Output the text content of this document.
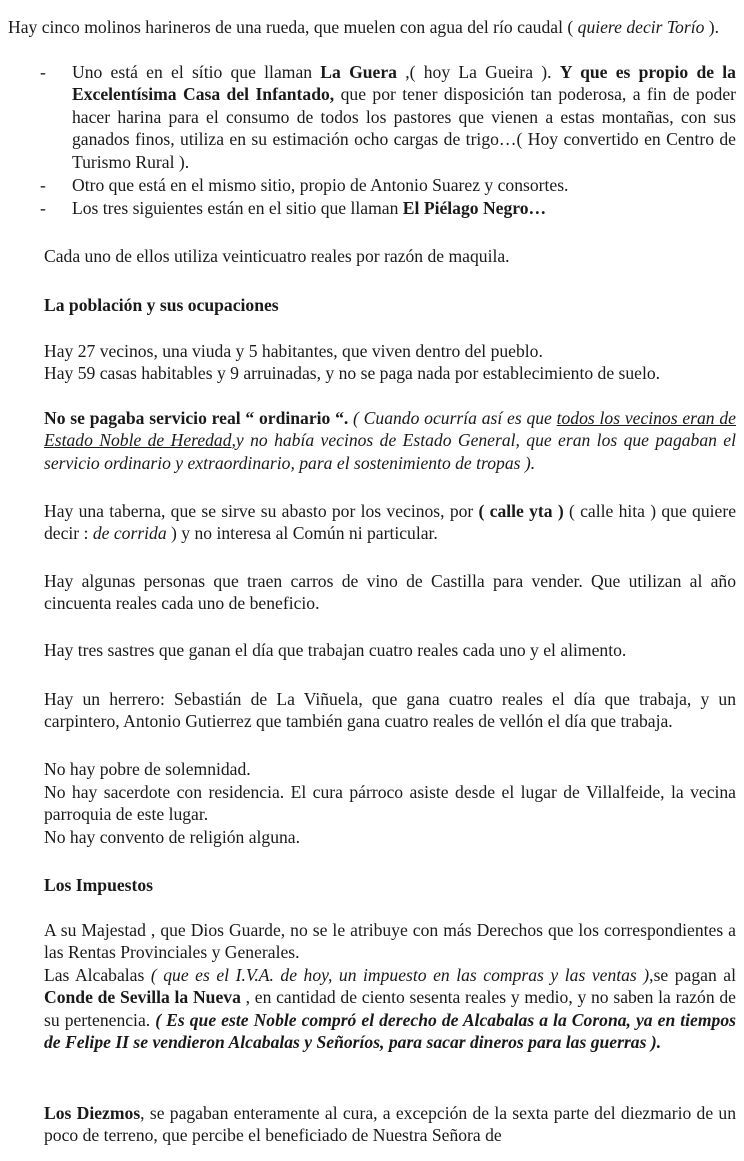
Hay cinco molinos harineros de una rueda, que muelen con agua del río caudal ( quiere decir Torío ).

- Uno está en el sítio que llaman La Guera ,( hoy La Gueira ). Y que es propio de la Excelentísima Casa del Infantado, que por tener disposición tan poderosa, a fin de poder hacer harina para el consumo de todos los pastores que vienen a estas montañas, con sus ganados finos, utiliza en su estimación ocho cargas de trigo…( Hoy convertido en Centro de Turismo Rural ).
- Otro que está en el mismo sitio, propio de Antonio Suarez y consortes.
- Los tres siguientes están en el sitio que llaman El Piélago Negro…

Cada uno de ellos utiliza veinticuatro reales por razón de maquila.

La población y sus ocupaciones

Hay 27 vecinos, una viuda y 5 habitantes, que viven dentro del pueblo.

Hay 59 casas habitables y 9 arruinadas, y no se paga nada por establecimiento de suelo.

No se pagaba servicio real “ ordinario “. ( Cuando ocurría así es que todos los vecinos eran de Estado Noble de Heredad,y no había vecinos de Estado General, que eran los que pagaban el servicio ordinario y extraordinario, para el sostenimiento de tropas ).

Hay una taberna, que se sirve su abasto por los vecinos, por ( calle yta ) ( calle hita ) que quiere decir : de corrida ) y no interesa al Común ni particular.

Hay algunas personas que traen carros de vino de Castilla para vender. Que utilizan al año cincuenta reales cada uno de beneficio.

Hay tres sastres que ganan el día que trabajan cuatro reales cada uno y el alimento.

Hay un herrero: Sebastián de La Viñuela, que gana cuatro reales el día que trabaja, y un carpintero, Antonio Gutierrez que también gana cuatro reales de vellón el día que trabaja.

No hay pobre de solemnidad.

No hay sacerdote con residencia. El cura párroco asiste desde el lugar de Villalfeide, la vecina parroquia de este lugar.

No hay convento de religión alguna.

Los Impuestos

A su Majestad , que Dios Guarde, no se le atribuye con más Derechos que los correspondientes a las Rentas Provinciales y Generales.

Las Alcabalas ( que es el I.V.A. de hoy, un impuesto en las compras y las ventas ),se pagan al Conde de Sevilla la Nueva , en cantidad de ciento sesenta reales y medio, y no saben la razón de su pertenencia. ( Es que este Noble compró el derecho de Alcabalas a la Corona, ya en tiempos de Felipe II se vendieron Alcabalas y Señoríos, para sacar dineros para las guerras ).

Los Diezmos, se pagaban enteramente al cura, a excepción de la sexta parte del diezmario de un poco de terreno, que percibe el beneficiado de Nuestra Señora de
